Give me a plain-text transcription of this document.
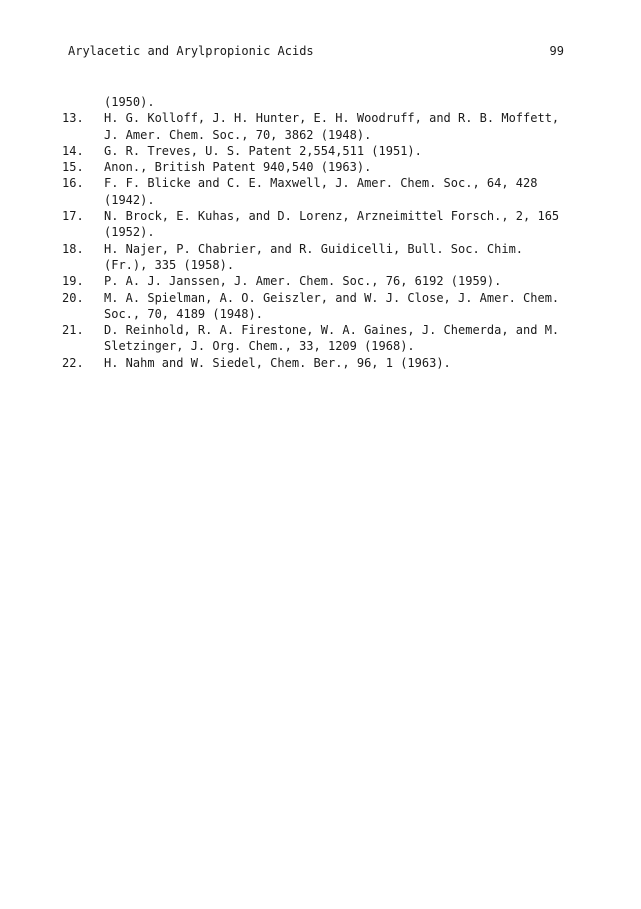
Arylacetic and Arylpropionic Acids	99
(1950).
13. H. G. Kolloff, J. H. Hunter, E. H. Woodruff, and R. B. Moffett, J. Amer. Chem. Soc., 70, 3862 (1948).
14. G. R. Treves, U. S. Patent 2,554,511 (1951).
15. Anon., British Patent 940,540 (1963).
16. F. F. Blicke and C. E. Maxwell, J. Amer. Chem. Soc., 64, 428 (1942).
17. N. Brock, E. Kuhas, and D. Lorenz, Arzneimittel Forsch., 2, 165 (1952).
18. H. Najer, P. Chabrier, and R. Guidicelli, Bull. Soc. Chim. (Fr.), 335 (1958).
19. P. A. J. Janssen, J. Amer. Chem. Soc., 76, 6192 (1959).
20. M. A. Spielman, A. O. Geiszler, and W. J. Close, J. Amer. Chem. Soc., 70, 4189 (1948).
21. D. Reinhold, R. A. Firestone, W. A. Gaines, J. Chemerda, and M. Sletzinger, J. Org. Chem., 33, 1209 (1968).
22. H. Nahm and W. Siedel, Chem. Ber., 96, 1 (1963).
